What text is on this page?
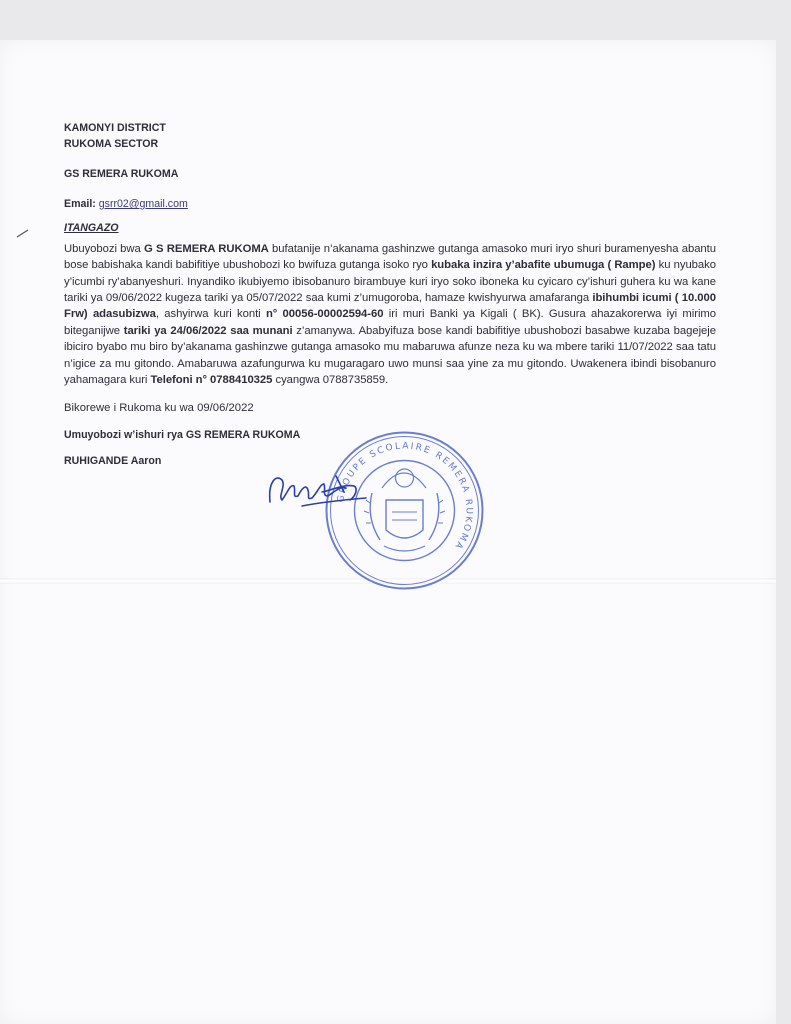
KAMONYI DISTRICT

RUKOMA SECTOR

GS REMERA RUKOMA

Email: gsrr02@gmail.com
ITANGAZO
Ubuyobozi bwa G S REMERA RUKOMA bufatanije n’akanama gashinzwe gutanga amasoko muri iryo shuri buramenyesha abantu bose babishaka kandi babifitiye ubushobozi ko bwifuza gutanga isoko ryo kubaka inzira y’abafite ubumuga ( Rampe) ku nyubako y’icumbi ry’abanyeshuri. Inyandiko ikubiyemo ibisobanuro birambuye kuri iryo soko iboneka ku cyicaro cy’ishuri guhera ku wa kane tariki ya 09/06/2022 kugeza tariki ya 05/07/2022 saa kumi z’umugoroba, hamaze kwishyurwa amafaranga ibihumbi icumi ( 10.000 Frw) adasubizwa, ashyirwa kuri konti n° 00056-00002594-60 iri muri Banki ya Kigali ( BK). Gusura ahazakorerwa iyi mirimo biteganijwe tariki ya 24/06/2022 saa munani z’amanywa. Ababyifuza bose kandi babifitiye ubushobozi basabwe kuzaba bagejeje ibiciro byabo mu biro by’akanama gashinzwe gutanga amasoko mu mabaruwa afunze neza ku wa mbere tariki 11/07/2022 saa tatu n’igice za mu gitondo. Amabaruwa azafungurwa ku mugaragaro uwo munsi saa yine za mu gitondo. Uwakenera ibindi bisobanuro yahamagara kuri Telefoni n° 0788410325 cyangwa 0788735859.
Bikorewe i Rukoma ku wa 09/06/2022
Umuyobozi w’ishuri rya GS REMERA RUKOMA
RUHIGANDE Aaron
GROUPE SCOLAIRE REMERA RUKOMA
